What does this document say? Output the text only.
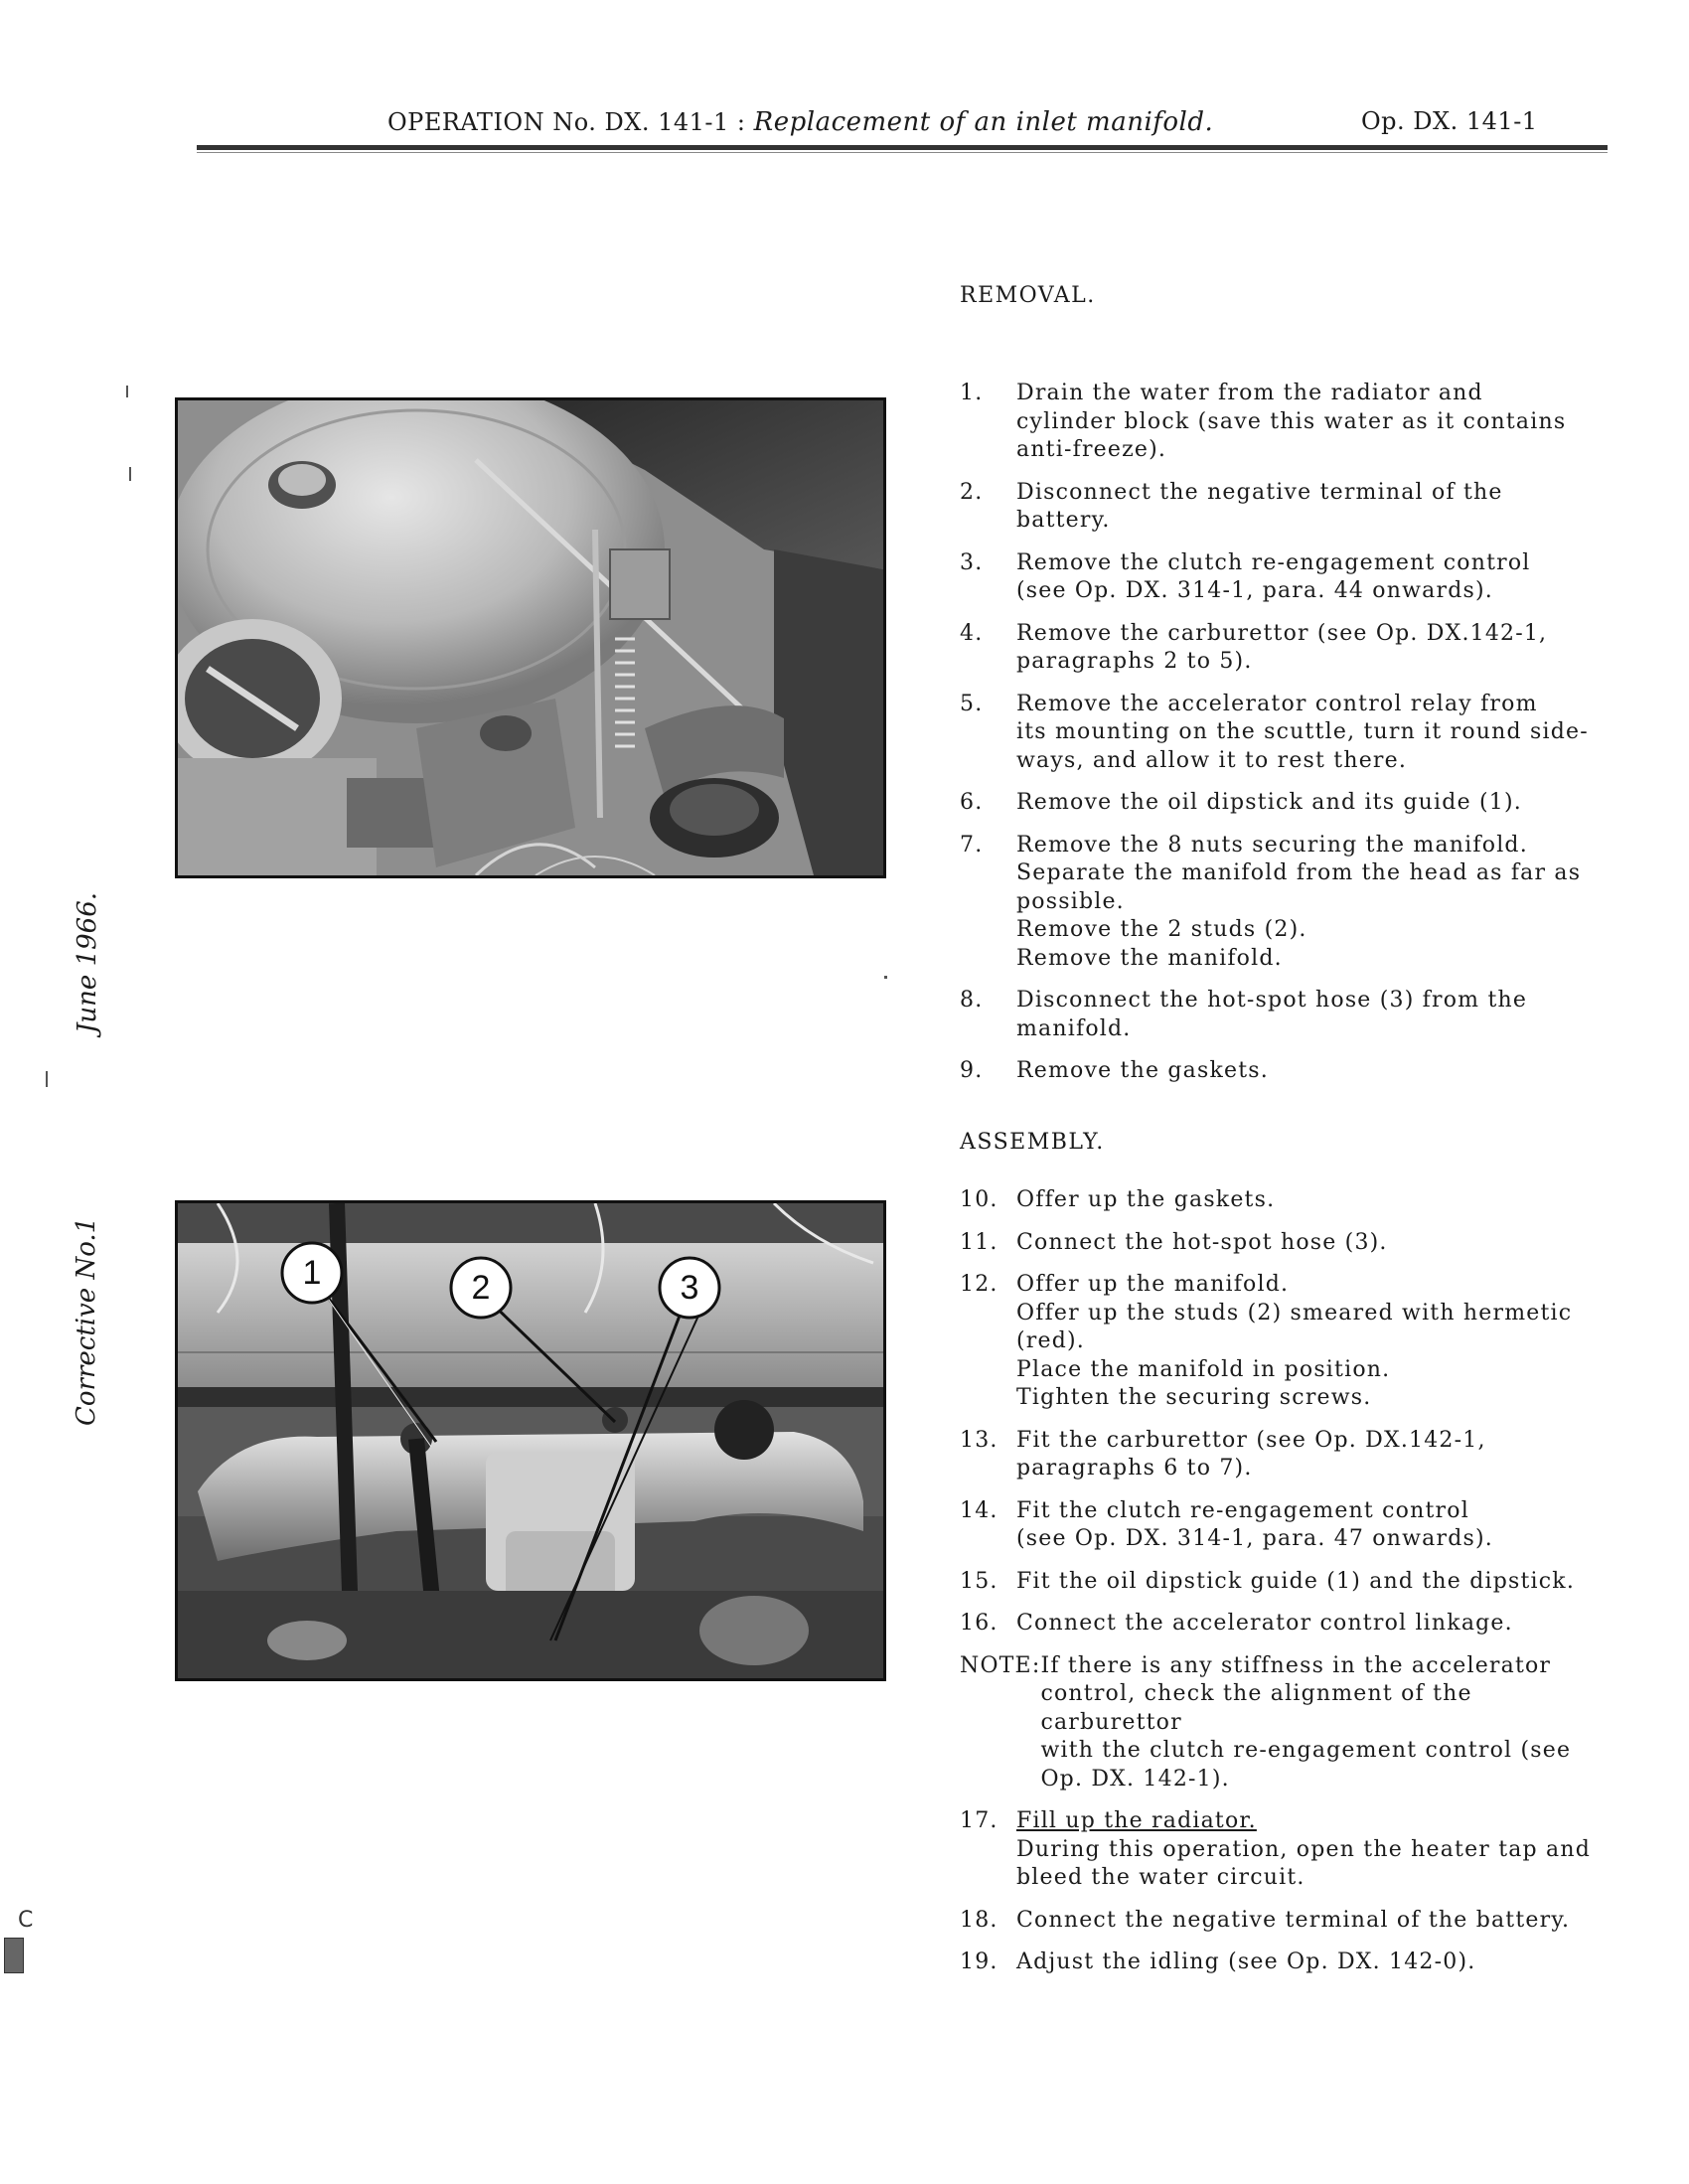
OPERATION No. DX. 141-1 : Replacement of an inlet manifold.	Op. DX. 141-1
June 1966.
Corrective No.1
C
1	2	3
REMOVAL.
1.	Drain the water from the radiator and
cylinder block (save this water as it contains
anti-freeze).
2.	Disconnect the negative terminal of the
battery.
3.	Remove the clutch re-engagement control
(see Op. DX. 314-1, para. 44 onwards).
4.	Remove the carburettor (see Op. DX.142-1,
paragraphs 2 to 5).
5.	Remove the accelerator control relay from
its mounting on the scuttle, turn it round side-
ways, and allow it to rest there.
6.	Remove the oil dipstick and its guide (1).
7.	Remove the 8 nuts securing the manifold.
Separate the manifold from the head as far as
possible.
Remove the 2 studs (2).
Remove the manifold.
8.	Disconnect the hot-spot hose (3) from the
manifold.
9.	Remove the gaskets.
ASSEMBLY.
10. Offer up the gaskets.
11. Connect the hot-spot hose (3).
12. Offer up the manifold.
Offer up the studs (2) smeared with hermetic
(red).
Place the manifold in position.
Tighten the securing screws.
13. Fit the carburettor (see Op. DX.142-1,
paragraphs 6 to 7).
14. Fit the clutch re-engagement control
(see Op. DX. 314-1, para. 47 onwards).
15. Fit the oil dipstick guide (1) and the dipstick.
16. Connect the accelerator control linkage.
NOTE: If there is any stiffness in the accelerator
control, check the alignment of the carburettor
with the clutch re-engagement control (see
Op. DX. 142-1).
17. Fill up the radiator.
During this operation, open the heater tap and
bleed the water circuit.
18. Connect the negative terminal of the battery.
19. Adjust the idling (see Op. DX. 142-0).
